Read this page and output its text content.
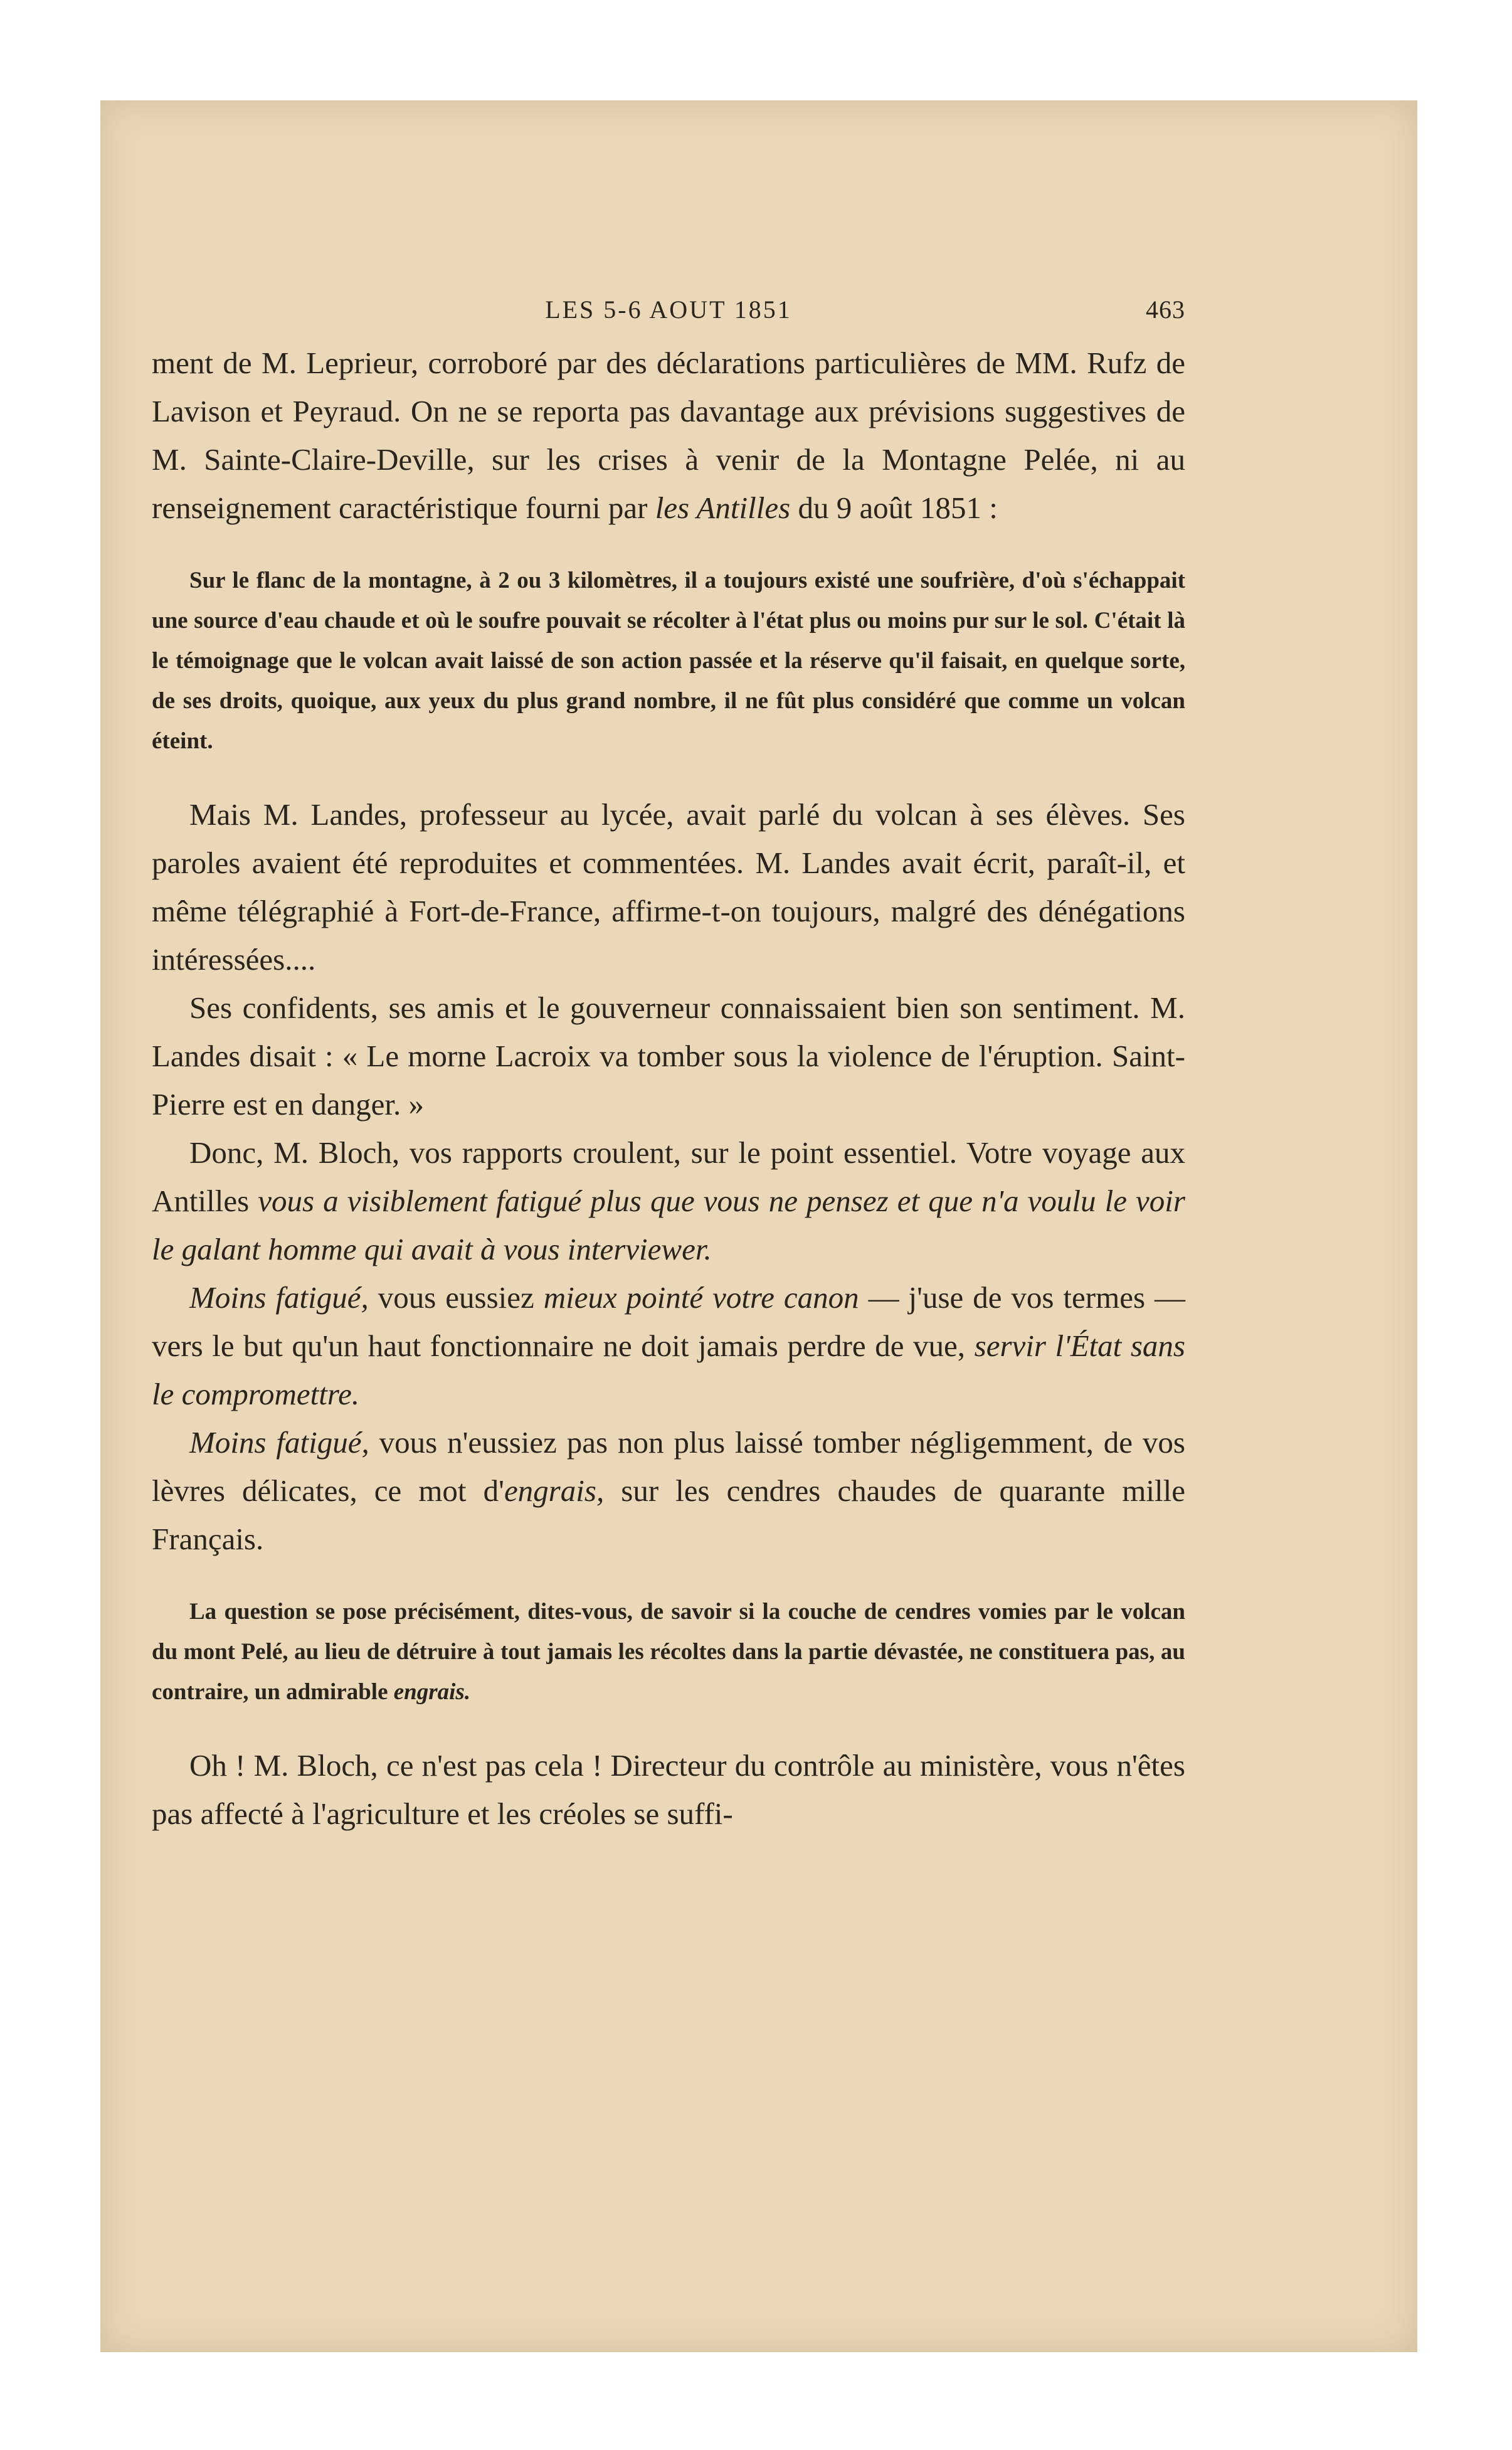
LES 5-6 AOUT 1851	463

ment de M. Leprieur, corroboré par des déclarations particulières de MM. Rufz de Lavison et Peyraud. On ne se reporta pas davantage aux prévisions suggestives de M. Sainte-Claire-Deville, sur les crises à venir de la Montagne Pelée, ni au renseignement caractéristique fourni par les Antilles du 9 août 1851 :

Sur le flanc de la montagne, à 2 ou 3 kilomètres, il a toujours existé une soufrière, d'où s'échappait une source d'eau chaude et où le soufre pouvait se récolter à l'état plus ou moins pur sur le sol. C'était là le témoignage que le volcan avait laissé de son action passée et la réserve qu'il faisait, en quelque sorte, de ses droits, quoique, aux yeux du plus grand nombre, il ne fût plus considéré que comme un volcan éteint.

Mais M. Landes, professeur au lycée, avait parlé du volcan à ses élèves. Ses paroles avaient été reproduites et commentées. M. Landes avait écrit, paraît-il, et même télégraphié à Fort-de-France, affirme-t-on toujours, malgré des dénégations intéressées....

Ses confidents, ses amis et le gouverneur connaissaient bien son sentiment. M. Landes disait : « Le morne Lacroix va tomber sous la violence de l'éruption. Saint-Pierre est en danger. »

Donc, M. Bloch, vos rapports croulent, sur le point essentiel. Votre voyage aux Antilles vous a visiblement fatigué plus que vous ne pensez et que n'a voulu le voir le galant homme qui avait à vous interviewer.

Moins fatigué, vous eussiez mieux pointé votre canon — j'use de vos termes — vers le but qu'un haut fonctionnaire ne doit jamais perdre de vue, servir l'État sans le compromettre.

Moins fatigué, vous n'eussiez pas non plus laissé tomber négligemment, de vos lèvres délicates, ce mot d'engrais, sur les cendres chaudes de quarante mille Français.

La question se pose précisément, dites-vous, de savoir si la couche de cendres vomies par le volcan du mont Pelé, au lieu de détruire à tout jamais les récoltes dans la partie dévastée, ne constituera pas, au contraire, un admirable engrais.

Oh ! M. Bloch, ce n'est pas cela ! Directeur du contrôle au ministère, vous n'êtes pas affecté à l'agriculture et les créoles se suffi-
